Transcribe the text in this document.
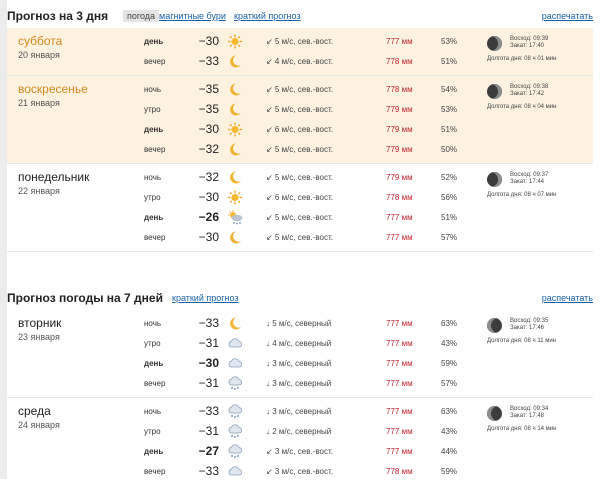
Прогноз на 3 дня	погода магнитные бури краткий прогноз	распечатать
суббота
20 января
день	−30	↙ 5 м/с, сев.-вост.	777 мм	53%
вечер	−33	↙ 4 м/с, сев.-вост.	778 мм	51%
Восход: 09:39
Закат: 17:40
Долгота дня: 08 ч 01 мин
воскресенье
21 января
ночь	−35	↙ 5 м/с, сев.-вост.	778 мм	54%
утро	−35	↙ 5 м/с, сев.-вост.	779 мм	53%
день	−30	↙ 6 м/с, сев.-вост.	779 мм	51%
вечер	−32	↙ 5 м/с, сев.-вост.	779 мм	50%
Восход: 09:38
Закат: 17:42
Долгота дня: 08 ч 04 мин
понедельник
22 января
ночь	−32	↙ 5 м/с, сев.-вост.	779 мм	52%
утро	−30	↙ 6 м/с, сев.-вост.	778 мм	56%
день	−26	↙ 5 м/с, сев.-вост.	777 мм	51%
вечер	−30	↙ 5 м/с, сев.-вост.	777 мм	57%
Восход: 09:37
Закат: 17:44
Долгота дня: 08 ч 07 мин
Прогноз погоды на 7 дней краткий прогноз	распечатать
вторник
23 января
ночь	−33	↓ 5 м/с, северный	777 мм	63%
утро	−31	↓ 4 м/с, северный	777 мм	43%
день	−30	↓ 3 м/с, северный	777 мм	59%
вечер	−31	↓ 3 м/с, северный	777 мм	57%
Восход: 09:35
Закат: 17:46
Долгота дня: 08 ч 11 мин
среда
24 января
ночь	−33	↓ 3 м/с, северный	777 мм	63%
утро	−31	↓ 2 м/с, северный	777 мм	43%
день	−27	↙ 3 м/с, сев.-вост.	777 мм	44%
вечер	−33	↙ 3 м/с, сев.-вост.	778 мм	59%
Восход: 09:34
Закат: 17:48
Долгота дня: 08 ч 14 мин
